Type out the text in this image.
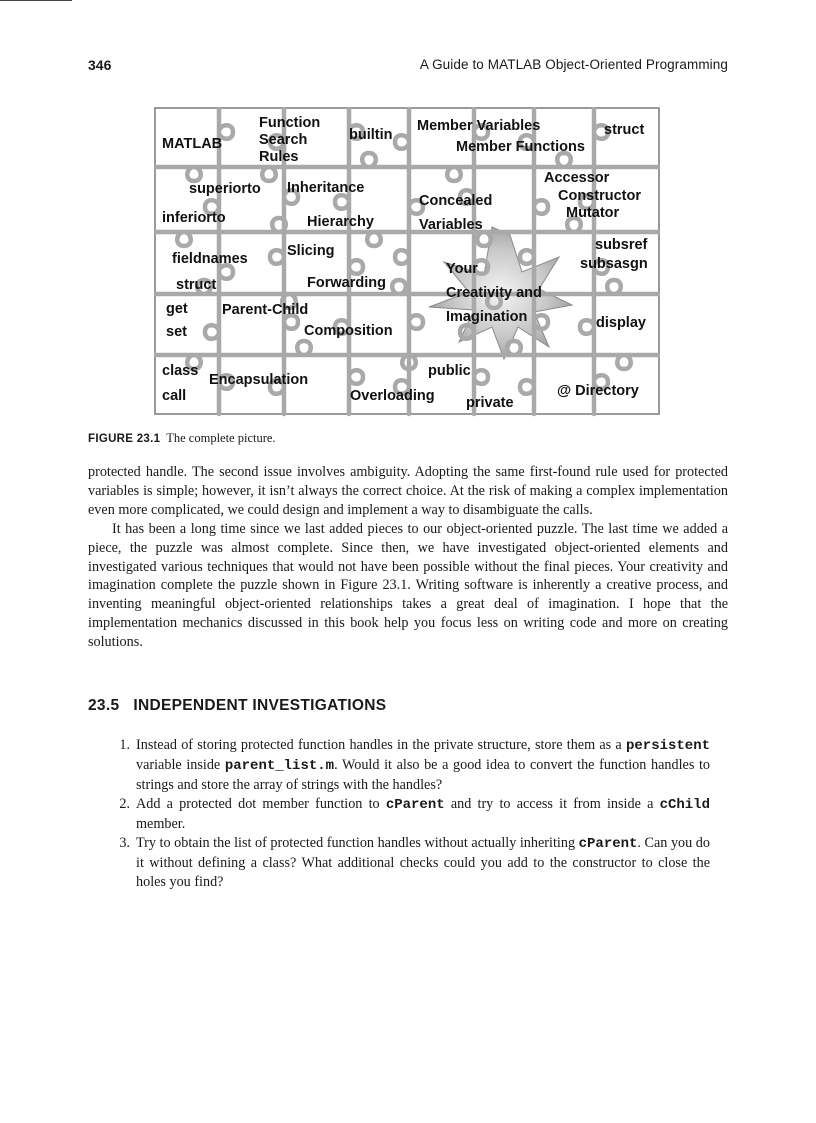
346	A Guide to MATLAB Object-Oriented Programming
MATLAB
Function
Search
Rules
builtin
Member Variables	struct
Member Functions
superiorto Inheritance
Accessor
Constructor
Mutator
Concealed
Variables
inferiorto	Hierarchy
subsref
subsasgn
fieldnames	Slicing
Forwarding
struct
Your
Creativity and
Imagination
get Parent-Child
set	Composition	display
class
Encapsulation
public
call	Overloading private
@ Directory
FIGURE 23.1 The complete picture.

protected handle. The second issue involves ambiguity. Adopting the same first-found rule used for protected variables is simple; however, it isn’t always the correct choice. At the risk of making a complex implementation even more complicated, we could design and implement a way to disambiguate the calls.

It has been a long time since we last added pieces to our object-oriented puzzle. The last time we added a piece, the puzzle was almost complete. Since then, we have investigated object-oriented elements and investigated various techniques that would not have been possible without the final pieces. Your creativity and imagination complete the puzzle shown in Figure 23.1. Writing software is inherently a creative process, and inventing meaningful object-oriented relationships takes a great deal of imagination. I hope that the implementation mechanics discussed in this book help you focus less on writing code and more on creating solutions.

23.5 INDEPENDENT INVESTIGATIONS
1. Instead of storing protected function handles in the private structure, store them as a persistent variable inside parent_list.m. Would it also be a good idea to convert the function handles to strings and store the array of strings with the handles?
2. Add a protected dot member function to cParent and try to access it from inside a cChild member.
3. Try to obtain the list of protected function handles without actually inheriting cParent. Can you do it without defining a class? What additional checks could you add to the constructor to close the holes you find?
